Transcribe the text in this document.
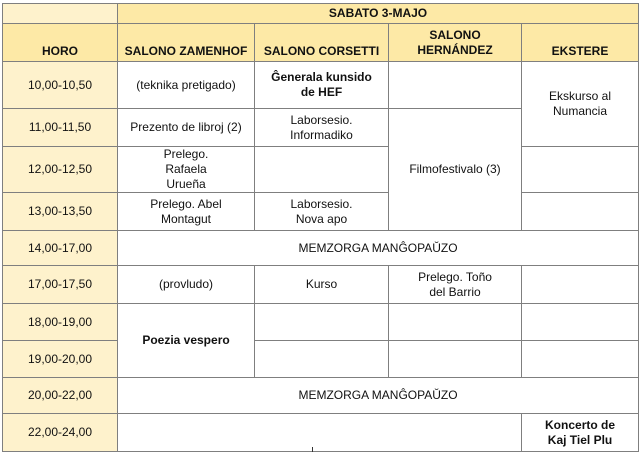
	SABATO 3-MAJO			
HORO	SALONO ZAMENHOF	SALONO CORSETTI	SALONO HERNÁNDEZ	EKSTERE
10,00-10,50	(teknika pretigado)	Ĝenerala kunsido de HEF		Ekskurso al Numancia
11,00-11,50	Prezento de libroj (2)	Laborsesio. Informadiko	Filmofestivalo (3)	
12,00-12,50	Prelego. Rafaela Urueña			
13,00-13,50	Prelego. Abel Montagut	Laborsesio. Nova apo		
14,00-17,00	MEMZORGA MANĜOPAŬZO			
17,00-17,50	(provludo)	Kurso	Prelego. Toño del Barrio	
18,00-19,00	Poezia vespero			
19,00-20,00				
20,00-22,00	MEMZORGA MANĜOPAŬZO			
22,00-24,00				Koncerto de Kaj Tiel Plu
